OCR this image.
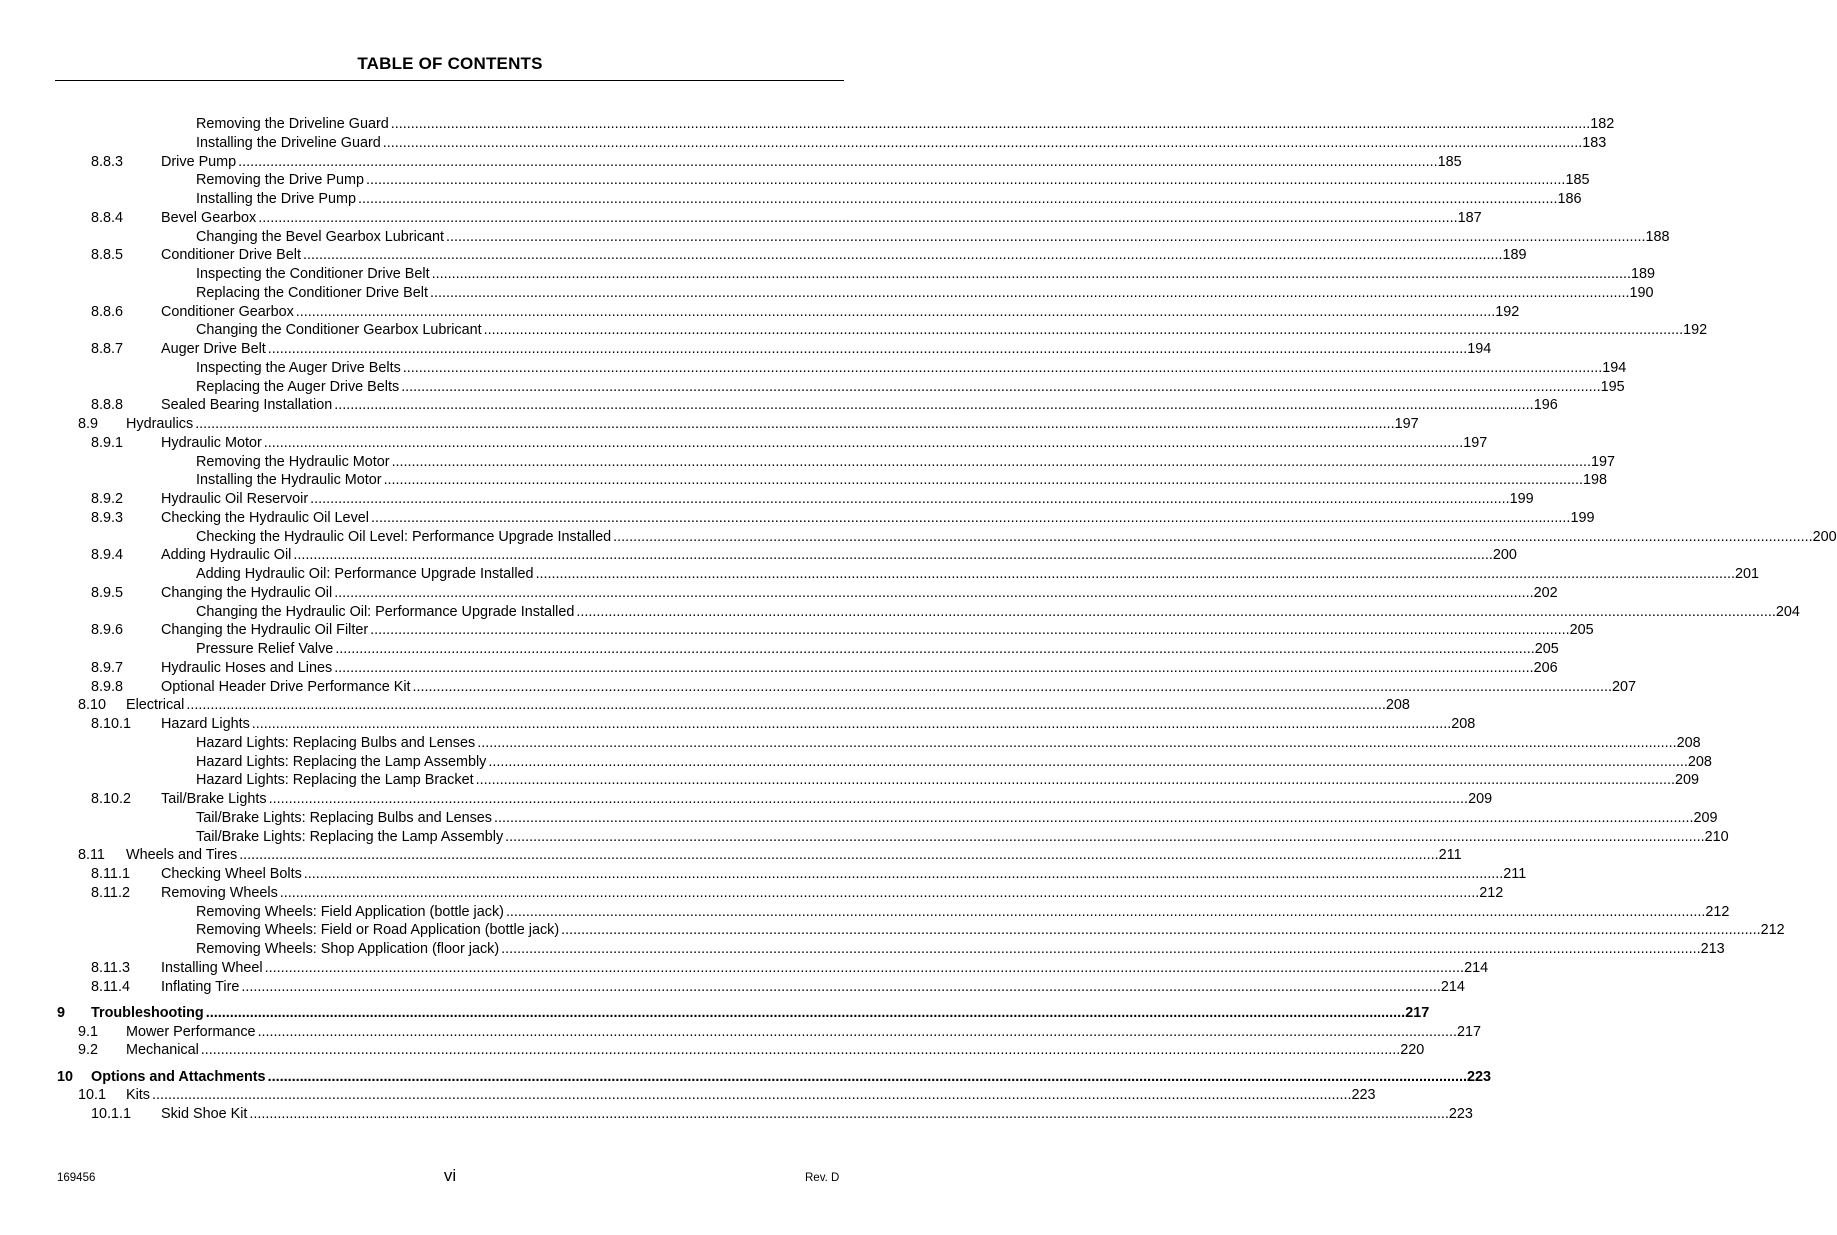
TABLE OF CONTENTS
Removing the Driveline Guard ............................................................................................................................................................................................................................................................................................................ 182
Installing the Driveline Guard ............................................................................................................................................................................................................................................................................................................ 183
Drive Pump ............................................................................................................................................................................................................................................................................................................ 185
8.8.3
Removing the Drive Pump ............................................................................................................................................................................................................................................................................................................ 185
Installing the Drive Pump ............................................................................................................................................................................................................................................................................................................ 186
Bevel Gearbox ............................................................................................................................................................................................................................................................................................................ 187
8.8.4
Changing the Bevel Gearbox Lubricant ............................................................................................................................................................................................................................................................................................................ 188
Conditioner Drive Belt ............................................................................................................................................................................................................................................................................................................ 189
8.8.5
Inspecting the Conditioner Drive Belt ............................................................................................................................................................................................................................................................................................................ 189
Replacing the Conditioner Drive Belt ............................................................................................................................................................................................................................................................................................................ 190
Conditioner Gearbox ............................................................................................................................................................................................................................................................................................................ 192
8.8.6
Changing the Conditioner Gearbox Lubricant ............................................................................................................................................................................................................................................................................................................ 192
Auger Drive Belt ............................................................................................................................................................................................................................................................................................................ 194
8.8.7
Inspecting the Auger Drive Belts ............................................................................................................................................................................................................................................................................................................ 194
Replacing the Auger Drive Belts ............................................................................................................................................................................................................................................................................................................ 195
Sealed Bearing Installation ............................................................................................................................................................................................................................................................................................................ 196
8.8.8
Hydraulics ............................................................................................................................................................................................................................................................................................................ 197
8.9
Hydraulic Motor ............................................................................................................................................................................................................................................................................................................ 197
8.9.1
Removing the Hydraulic Motor ............................................................................................................................................................................................................................................................................................................ 197
Installing the Hydraulic Motor ............................................................................................................................................................................................................................................................................................................ 198
Hydraulic Oil Reservoir ............................................................................................................................................................................................................................................................................................................ 199
8.9.2
Checking the Hydraulic Oil Level ............................................................................................................................................................................................................................................................................................................ 199
8.9.3
Checking the Hydraulic Oil Level: Performance Upgrade Installed ............................................................................................................................................................................................................................................................................................................ 200
Adding Hydraulic Oil ............................................................................................................................................................................................................................................................................................................ 200
8.9.4
Adding Hydraulic Oil: Performance Upgrade Installed ............................................................................................................................................................................................................................................................................................................ 201
Changing the Hydraulic Oil ............................................................................................................................................................................................................................................................................................................ 202
8.9.5
Changing the Hydraulic Oil: Performance Upgrade Installed ............................................................................................................................................................................................................................................................................................................ 204
Changing the Hydraulic Oil Filter ............................................................................................................................................................................................................................................................................................................ 205
8.9.6
Pressure Relief Valve ............................................................................................................................................................................................................................................................................................................ 205
Hydraulic Hoses and Lines ............................................................................................................................................................................................................................................................................................................ 206
8.9.7
Optional Header Drive Performance Kit ............................................................................................................................................................................................................................................................................................................ 207
8.9.8
Electrical ............................................................................................................................................................................................................................................................................................................ 208
8.10
Hazard Lights ............................................................................................................................................................................................................................................................................................................ 208
8.10.1
Hazard Lights: Replacing Bulbs and Lenses ............................................................................................................................................................................................................................................................................................................ 208
Hazard Lights: Replacing the Lamp Assembly ............................................................................................................................................................................................................................................................................................................ 208
Hazard Lights: Replacing the Lamp Bracket ............................................................................................................................................................................................................................................................................................................ 209
Tail/Brake Lights ............................................................................................................................................................................................................................................................................................................ 209
8.10.2
Tail/Brake Lights: Replacing Bulbs and Lenses ............................................................................................................................................................................................................................................................................................................ 209
Tail/Brake Lights: Replacing the Lamp Assembly ............................................................................................................................................................................................................................................................................................................ 210
Wheels and Tires ............................................................................................................................................................................................................................................................................................................ 211
8.11
Checking Wheel Bolts ............................................................................................................................................................................................................................................................................................................ 211
8.11.1
Removing Wheels ............................................................................................................................................................................................................................................................................................................ 212
8.11.2
Removing Wheels: Field Application (bottle jack) ............................................................................................................................................................................................................................................................................................................ 212
Removing Wheels: Field or Road Application (bottle jack) ............................................................................................................................................................................................................................................................................................................ 212
Removing Wheels: Shop Application (floor jack) ............................................................................................................................................................................................................................................................................................................ 213
Installing Wheel ............................................................................................................................................................................................................................................................................................................ 214
8.11.3
Inflating Tire ............................................................................................................................................................................................................................................................................................................ 214
8.11.4
Troubleshooting ............................................................................................................................................................................................................................................................................................................ 217
9
Mower Performance ............................................................................................................................................................................................................................................................................................................ 217
9.1
Mechanical ............................................................................................................................................................................................................................................................................................................ 220
9.2
Options and Attachments ............................................................................................................................................................................................................................................................................................................ 223
10
Kits ............................................................................................................................................................................................................................................................................................................ 223
10.1
Skid Shoe Kit ............................................................................................................................................................................................................................................................................................................ 223
10.1.1
169456	vi	Rev. D
